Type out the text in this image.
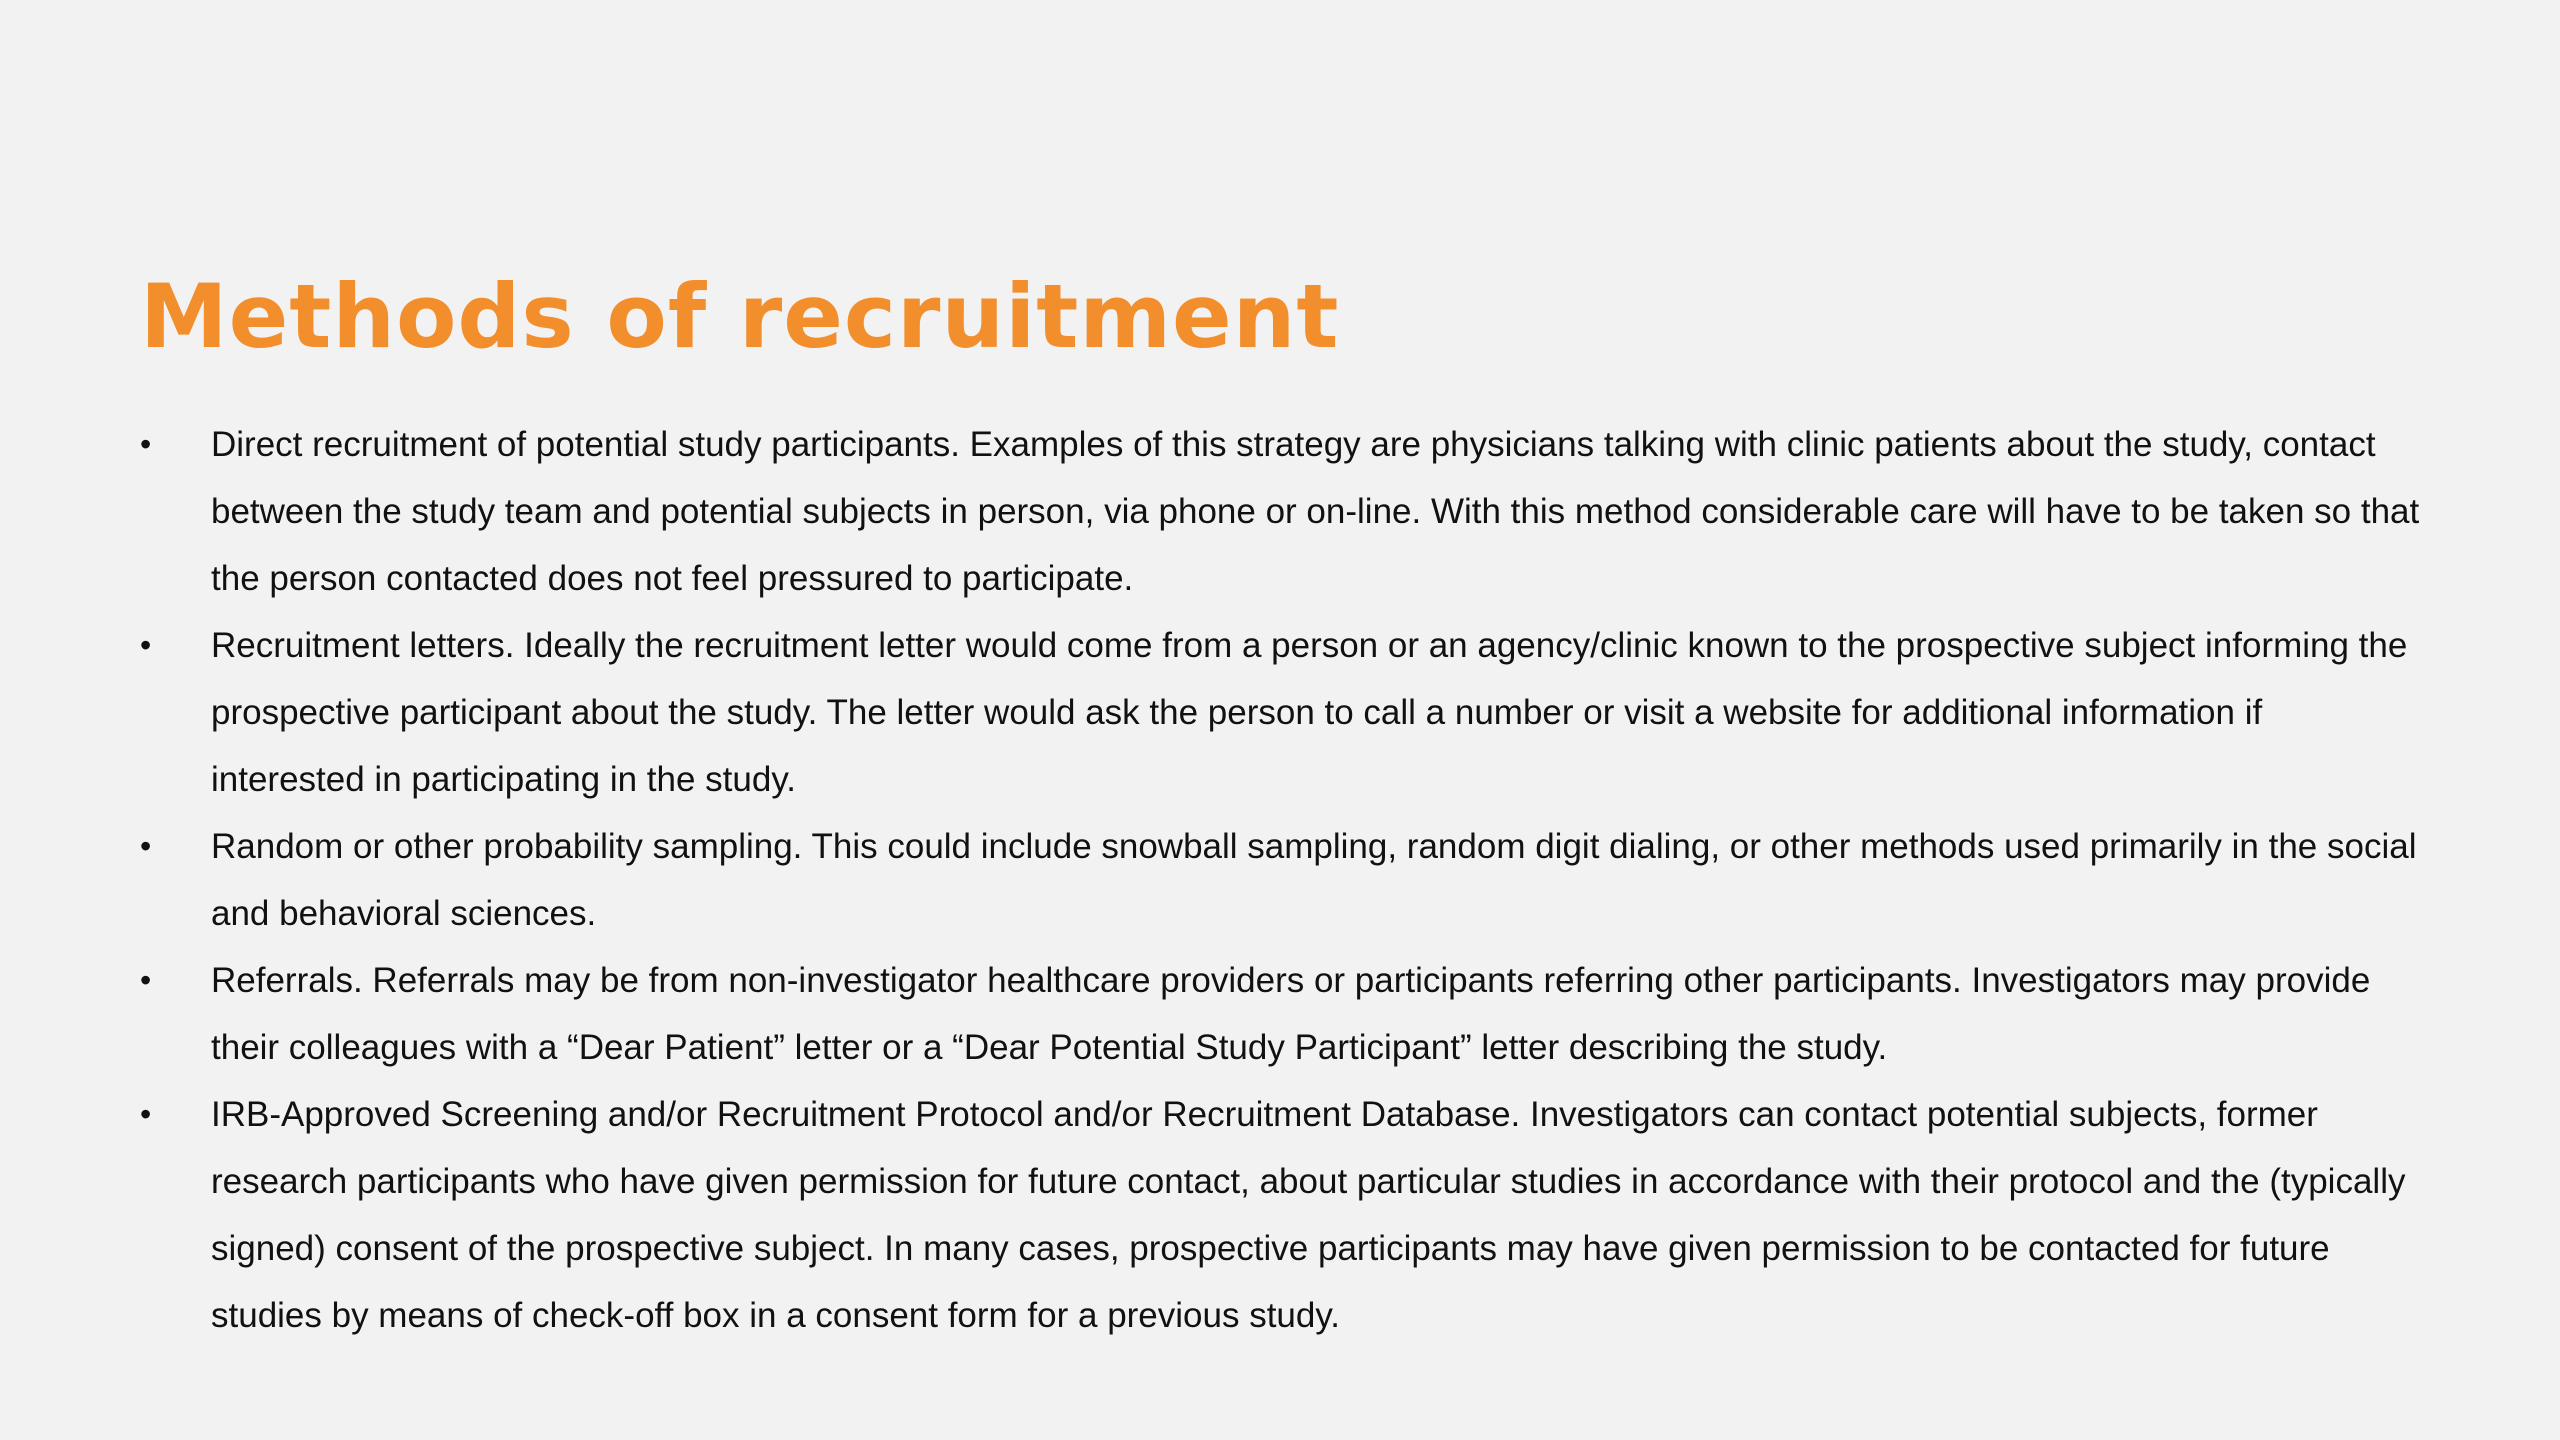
Methods of recruitment
• Direct recruitment of potential study participants. Examples of this strategy are physicians talking with clinic patients about the study, contact between the study team and potential subjects in person, via phone or on-line. With this method considerable care will have to be taken so that the person contacted does not feel pressured to participate.
• Recruitment letters. Ideally the recruitment letter would come from a person or an agency/clinic known to the prospective subject informing the prospective participant about the study. The letter would ask the person to call a number or visit a website for additional information if interested in participating in the study.
• Random or other probability sampling. This could include snowball sampling, random digit dialing, or other methods used primarily in the social and behavioral sciences.
• Referrals. Referrals may be from non-investigator healthcare providers or participants referring other participants. Investigators may provide their colleagues with a “Dear Patient” letter or a “Dear Potential Study Participant” letter describing the study.
• IRB-Approved Screening and/or Recruitment Protocol and/or Recruitment Database. Investigators can contact potential subjects, former research participants who have given permission for future contact, about particular studies in accordance with their protocol and the (typically signed) consent of the prospective subject. In many cases, prospective participants may have given permission to be contacted for future studies by means of check-off box in a consent form for a previous study.
